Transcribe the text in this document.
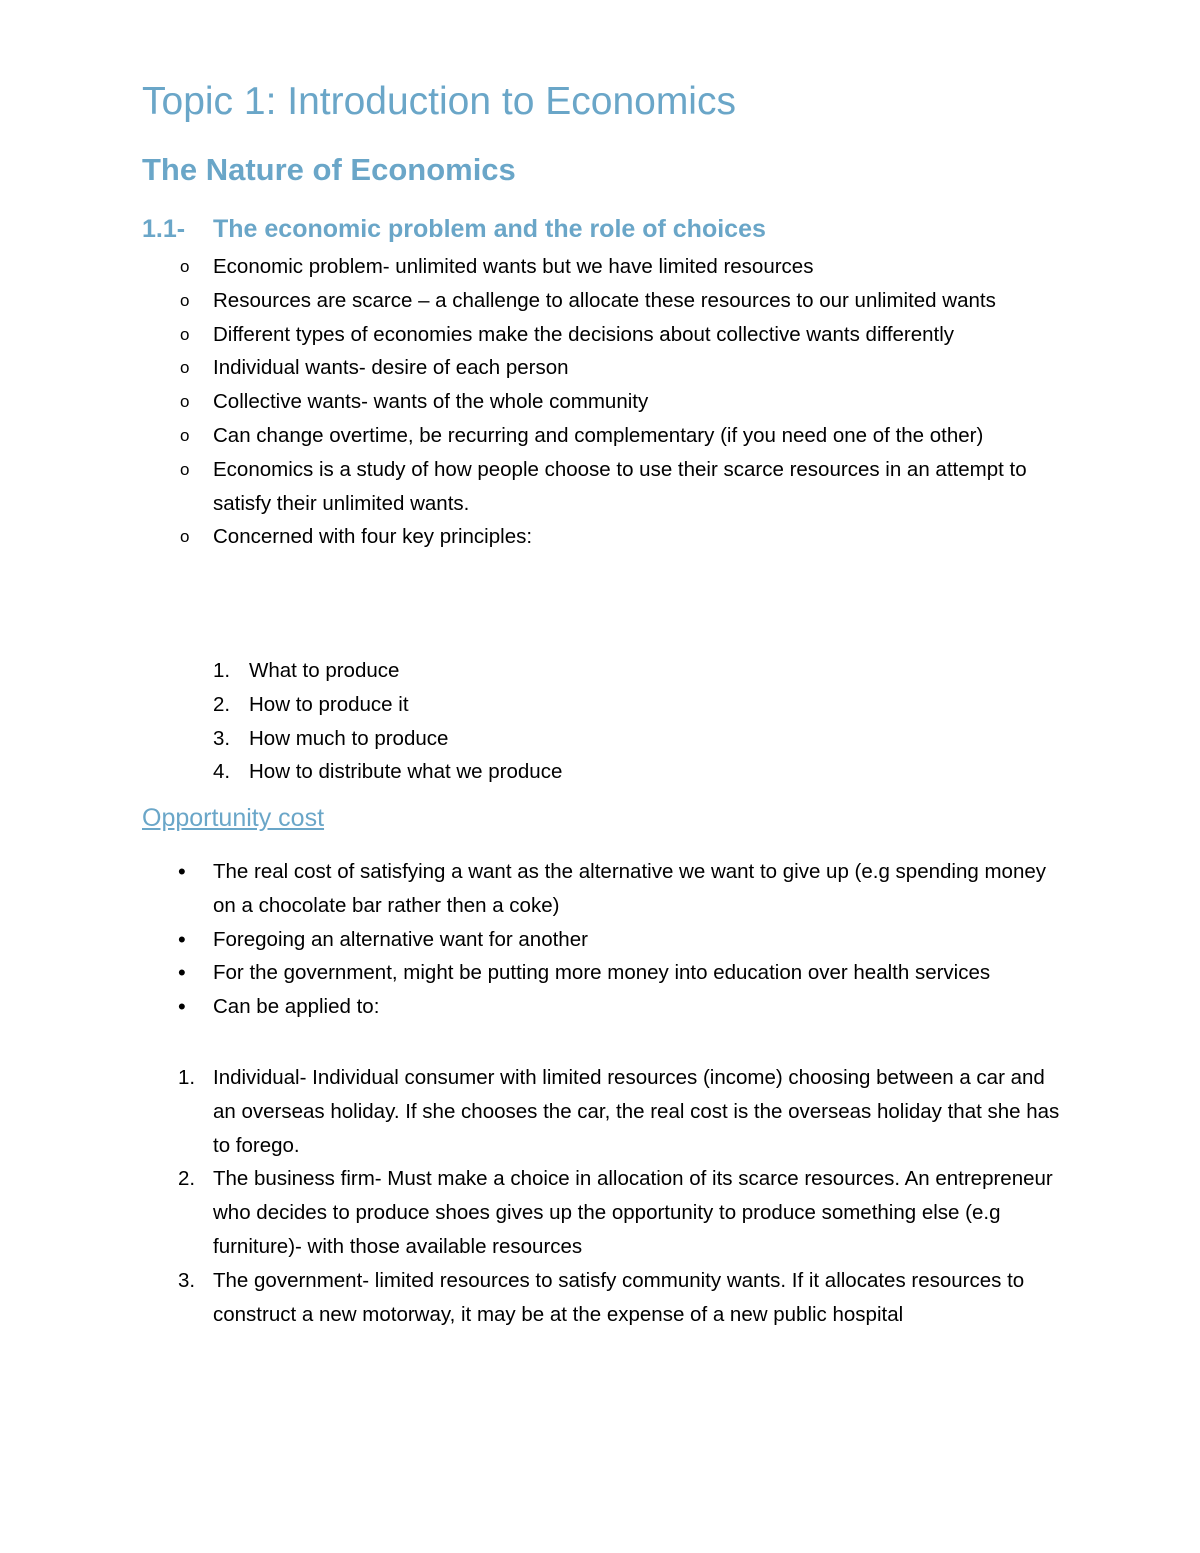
Topic 1: Introduction to Economics
The Nature of Economics
1.1- The economic problem and the role of choices
o Economic problem- unlimited wants but we have limited resources
o Resources are scarce – a challenge to allocate these resources to our unlimited wants
o Different types of economies make the decisions about collective wants differently
o Individual wants- desire of each person
o Collective wants- wants of the whole community
o Can change overtime, be recurring and complementary (if you need one of the other)
o Economics is a study of how people choose to use their scarce resources in an attempt to satisfy their unlimited wants.
o Concerned with four key principles:
1. What to produce
2. How to produce it
3. How much to produce
4. How to distribute what we produce
Opportunity cost
• The real cost of satisfying a want as the alternative we want to give up (e.g spending money on a chocolate bar rather then a coke)
• Foregoing an alternative want for another
• For the government, might be putting more money into education over health services
• Can be applied to:
1. Individual- Individual consumer with limited resources (income) choosing between a car and an overseas holiday. If she chooses the car, the real cost is the overseas holiday that she has to forego.
2. The business firm- Must make a choice in allocation of its scarce resources. An entrepreneur who decides to produce shoes gives up the opportunity to produce something else (e.g furniture)- with those available resources
3. The government- limited resources to satisfy community wants. If it allocates resources to construct a new motorway, it may be at the expense of a new public hospital
